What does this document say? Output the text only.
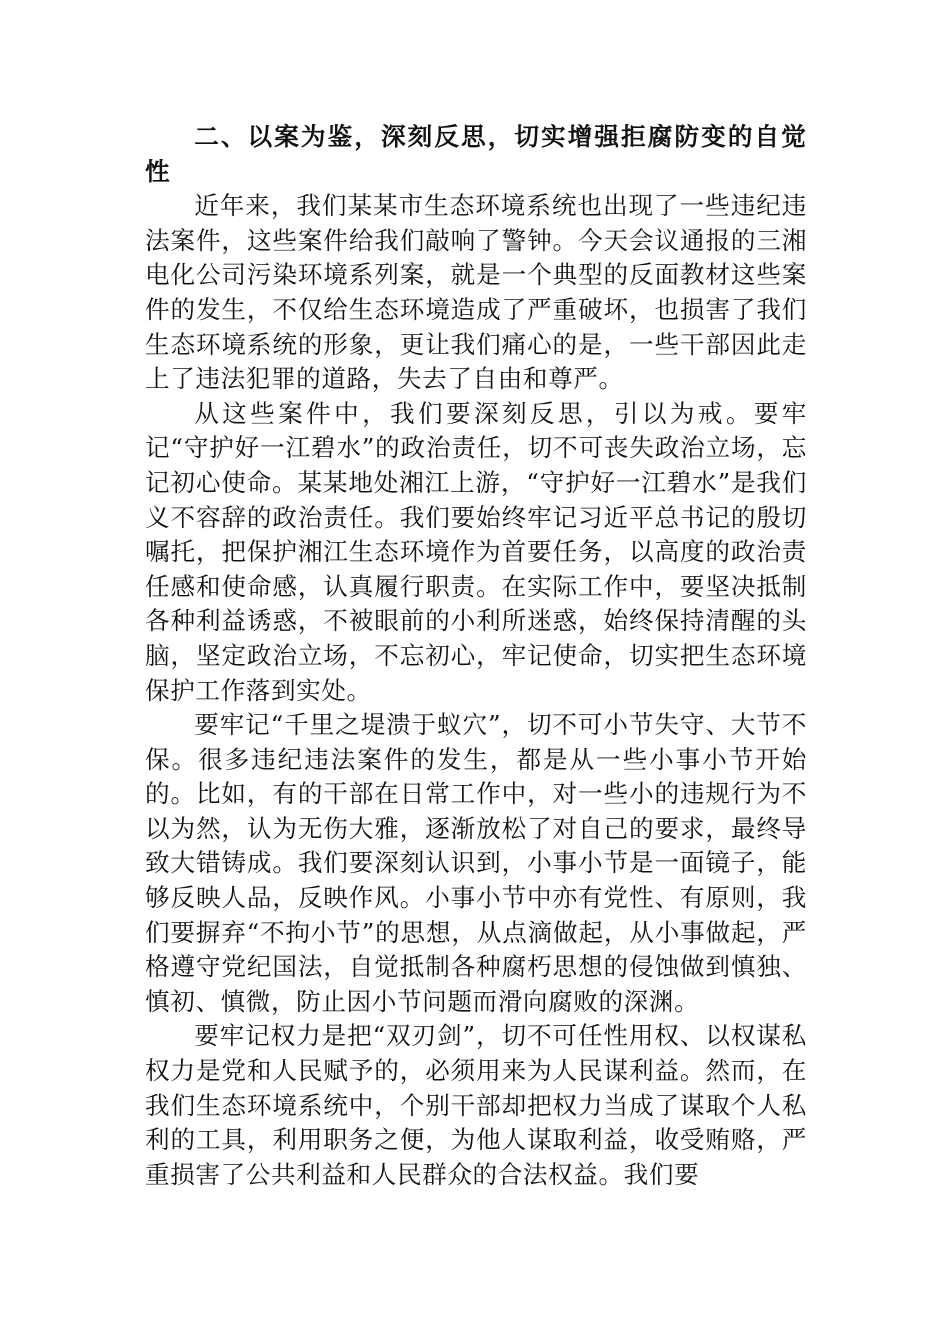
二、以案为鉴，深刻反思，切实增强拒腐防变的自觉性

近年来，我们某某市生态环境系统也出现了一些违纪违法案件，这些案件给我们敲响了警钟。今天会议通报的三湘电化公司污染环境系列案，就是一个典型的反面教材这些案件的发生，不仅给生态环境造成了严重破坏，也损害了我们生态环境系统的形象，更让我们痛心的是，一些干部因此走上了违法犯罪的道路，失去了自由和尊严。

从这些案件中，我们要深刻反思，引以为戒。要牢记“守护好一江碧水”的政治责任，切不可丧失政治立场，忘记初心使命。某某地处湘江上游，“守护好一江碧水”是我们义不容辞的政治责任。我们要始终牢记习近平总书记的殷切嘱托，把保护湘江生态环境作为首要任务，以高度的政治责任感和使命感，认真履行职责。在实际工作中，要坚决抵制各种利益诱惑，不被眼前的小利所迷惑，始终保持清醒的头脑，坚定政治立场，不忘初心，牢记使命，切实把生态环境保护工作落到实处。

要牢记“千里之堤溃于蚁穴”，切不可小节失守、大节不保。很多违纪违法案件的发生，都是从一些小事小节开始的。比如，有的干部在日常工作中，对一些小的违规行为不以为然，认为无伤大雅，逐渐放松了对自己的要求，最终导致大错铸成。我们要深刻认识到，小事小节是一面镜子，能够反映人品，反映作风。小事小节中亦有党性、有原则，我们要摒弃“不拘小节”的思想，从点滴做起，从小事做起，严格遵守党纪国法，自觉抵制各种腐朽思想的侵蚀做到慎独、慎初、慎微，防止因小节问题而滑向腐败的深渊。

要牢记权力是把“双刃剑”，切不可任性用权、以权谋私权力是党和人民赋予的，必须用来为人民谋利益。然而，在我们生态环境系统中，个别干部却把权力当成了谋取个人私利的工具，利用职务之便，为他人谋取利益，收受贿赂，严重损害了公共利益和人民群众的合法权益。我们要
